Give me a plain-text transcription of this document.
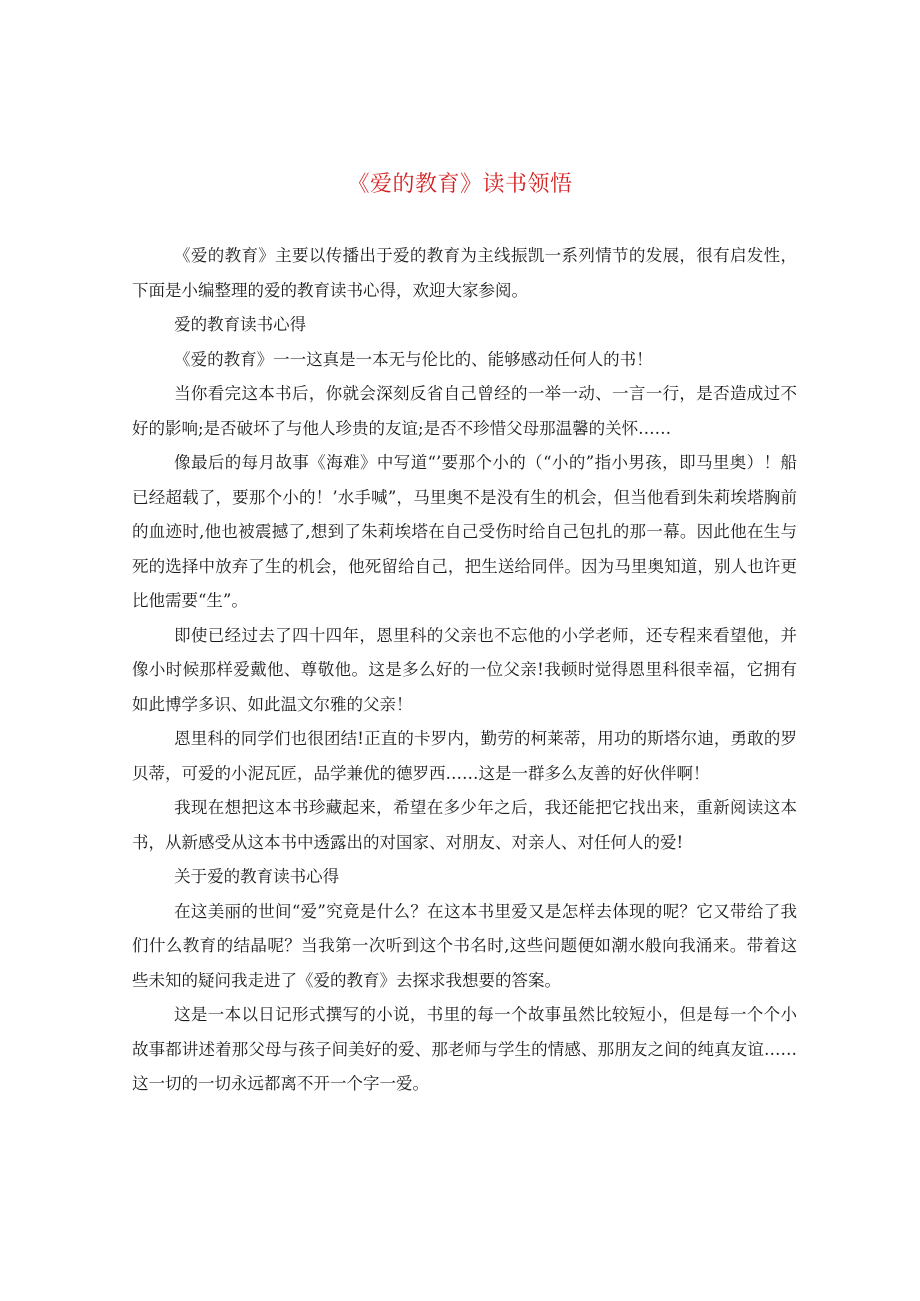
《爱的教育》读书领悟

《爱的教育》主要以传播出于爱的教育为主线振凯一系列情节的发展，很有启发性，下面是小编整理的爱的教育读书心得，欢迎大家参阅。

爱的教育读书心得

《爱的教育》一一这真是一本无与伦比的、能够感动任何人的书！

当你看完这本书后，你就会深刻反省自己曾经的一举一动、一言一行，是否造成过不好的影响;是否破坏了与他人珍贵的友谊;是否不珍惜父母那温馨的关怀……

像最后的每月故事《海难》中写道“’要那个小的（“小的”指小男孩，即马里奥）！船已经超载了，要那个小的！’水手喊”，马里奥不是没有生的机会，但当他看到朱莉埃塔胸前的血迹时,他也被震撼了,想到了朱莉埃塔在自己受伤时给自己包扎的那一幕。因此他在生与死的选择中放弃了生的机会，他死留给自己，把生送给同伴。因为马里奥知道，别人也许更比他需要“生”。

即使已经过去了四十四年，恩里科的父亲也不忘他的小学老师，还专程来看望他，并像小时候那样爱戴他、尊敬他。这是多么好的一位父亲!我顿时觉得恩里科很幸福，它拥有如此博学多识、如此温文尔雅的父亲！

恩里科的同学们也很团结!正直的卡罗内，勤劳的柯莱蒂，用功的斯塔尔迪，勇敢的罗贝蒂，可爱的小泥瓦匠，品学兼优的德罗西……这是一群多么友善的好伙伴啊！

我现在想把这本书珍藏起来，希望在多少年之后，我还能把它找出来，重新阅读这本书，从新感受从这本书中透露出的对国家、对朋友、对亲人、对任何人的爱!

关于爱的教育读书心得

在这美丽的世间“爱”究竟是什么？在这本书里爱又是怎样去体现的呢？它又带给了我们什么教育的结晶呢？当我第一次听到这个书名时,这些问题便如潮水般向我涌来。带着这些未知的疑问我走进了《爱的教育》去探求我想要的答案。

这是一本以日记形式撰写的小说，书里的每一个故事虽然比较短小，但是每一个个小故事都讲述着那父母与孩子间美好的爱、那老师与学生的情感、那朋友之间的纯真友谊……这一切的一切永远都离不开一个字一爱。
